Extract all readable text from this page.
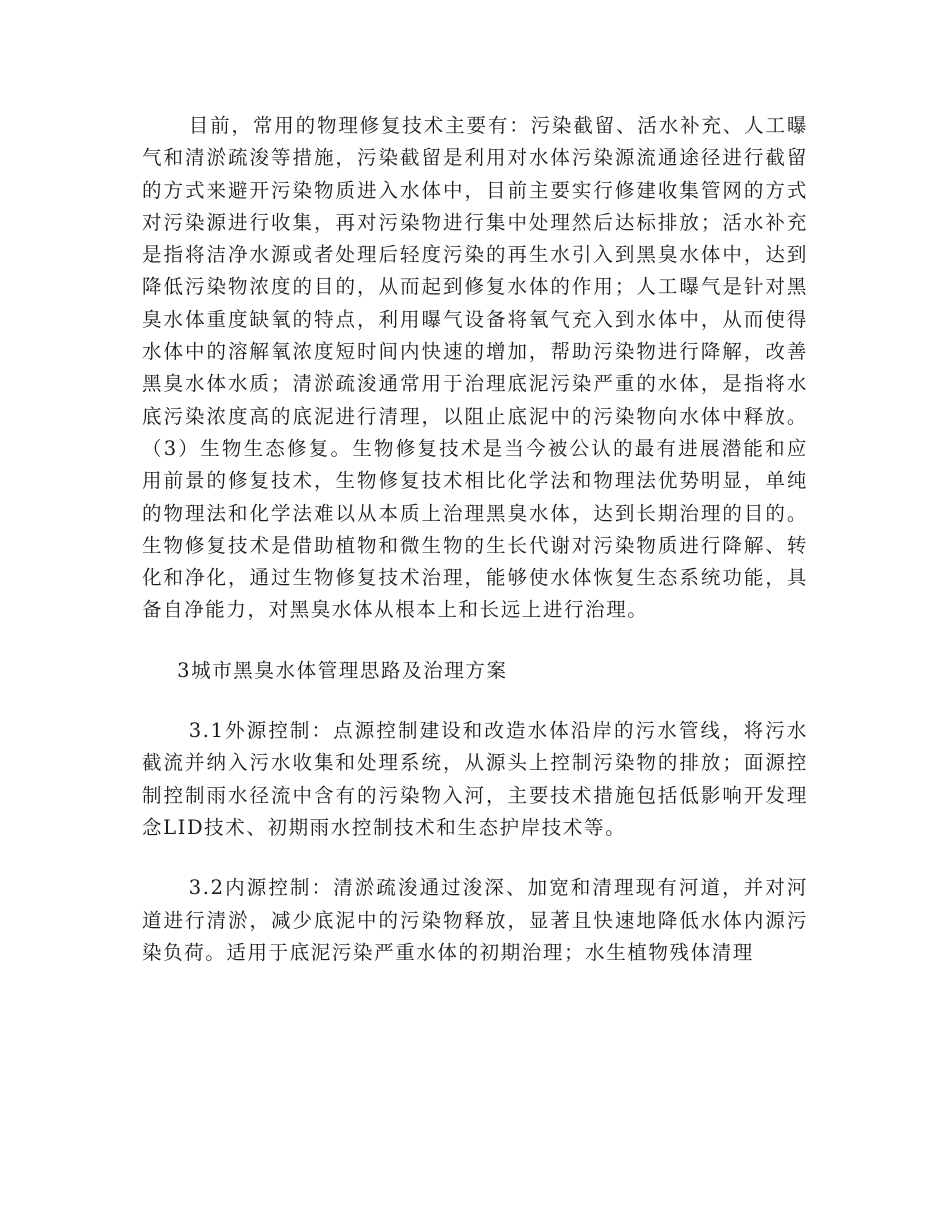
目前，常用的物理修复技术主要有：污染截留、活水补充、人工曝气和清淤疏浚等措施，污染截留是利用对水体污染源流通途径进行截留的方式来避开污染物质进入水体中，目前主要实行修建收集管网的方式对污染源进行收集，再对污染物进行集中处理然后达标排放；活水补充是指将洁净水源或者处理后轻度污染的再生水引入到黑臭水体中，达到降低污染物浓度的目的，从而起到修复水体的作用；人工曝气是针对黑臭水体重度缺氧的特点，利用曝气设备将氧气充入到水体中，从而使得水体中的溶解氧浓度短时间内快速的增加，帮助污染物进行降解，改善黑臭水体水质；清淤疏浚通常用于治理底泥污染严重的水体，是指将水底污染浓度高的底泥进行清理，以阻止底泥中的污染物向水体中释放。（3）生物生态修复。生物修复技术是当今被公认的最有进展潜能和应用前景的修复技术，生物修复技术相比化学法和物理法优势明显，单纯的物理法和化学法难以从本质上治理黑臭水体，达到长期治理的目的。生物修复技术是借助植物和微生物的生长代谢对污染物质进行降解、转化和净化，通过生物修复技术治理，能够使水体恢复生态系统功能，具备自净能力，对黑臭水体从根本上和长远上进行治理。

3城市黑臭水体管理思路及治理方案

3.1外源控制：点源控制建设和改造水体沿岸的污水管线，将污水截流并纳入污水收集和处理系统，从源头上控制污染物的排放；面源控制控制雨水径流中含有的污染物入河，主要技术措施包括低影响开发理念LID技术、初期雨水控制技术和生态护岸技术等。

3.2内源控制：清淤疏浚通过浚深、加宽和清理现有河道，并对河道进行清淤，减少底泥中的污染物释放，显著且快速地降低水体内源污染负荷。适用于底泥污染严重水体的初期治理；水生植物残体清理
